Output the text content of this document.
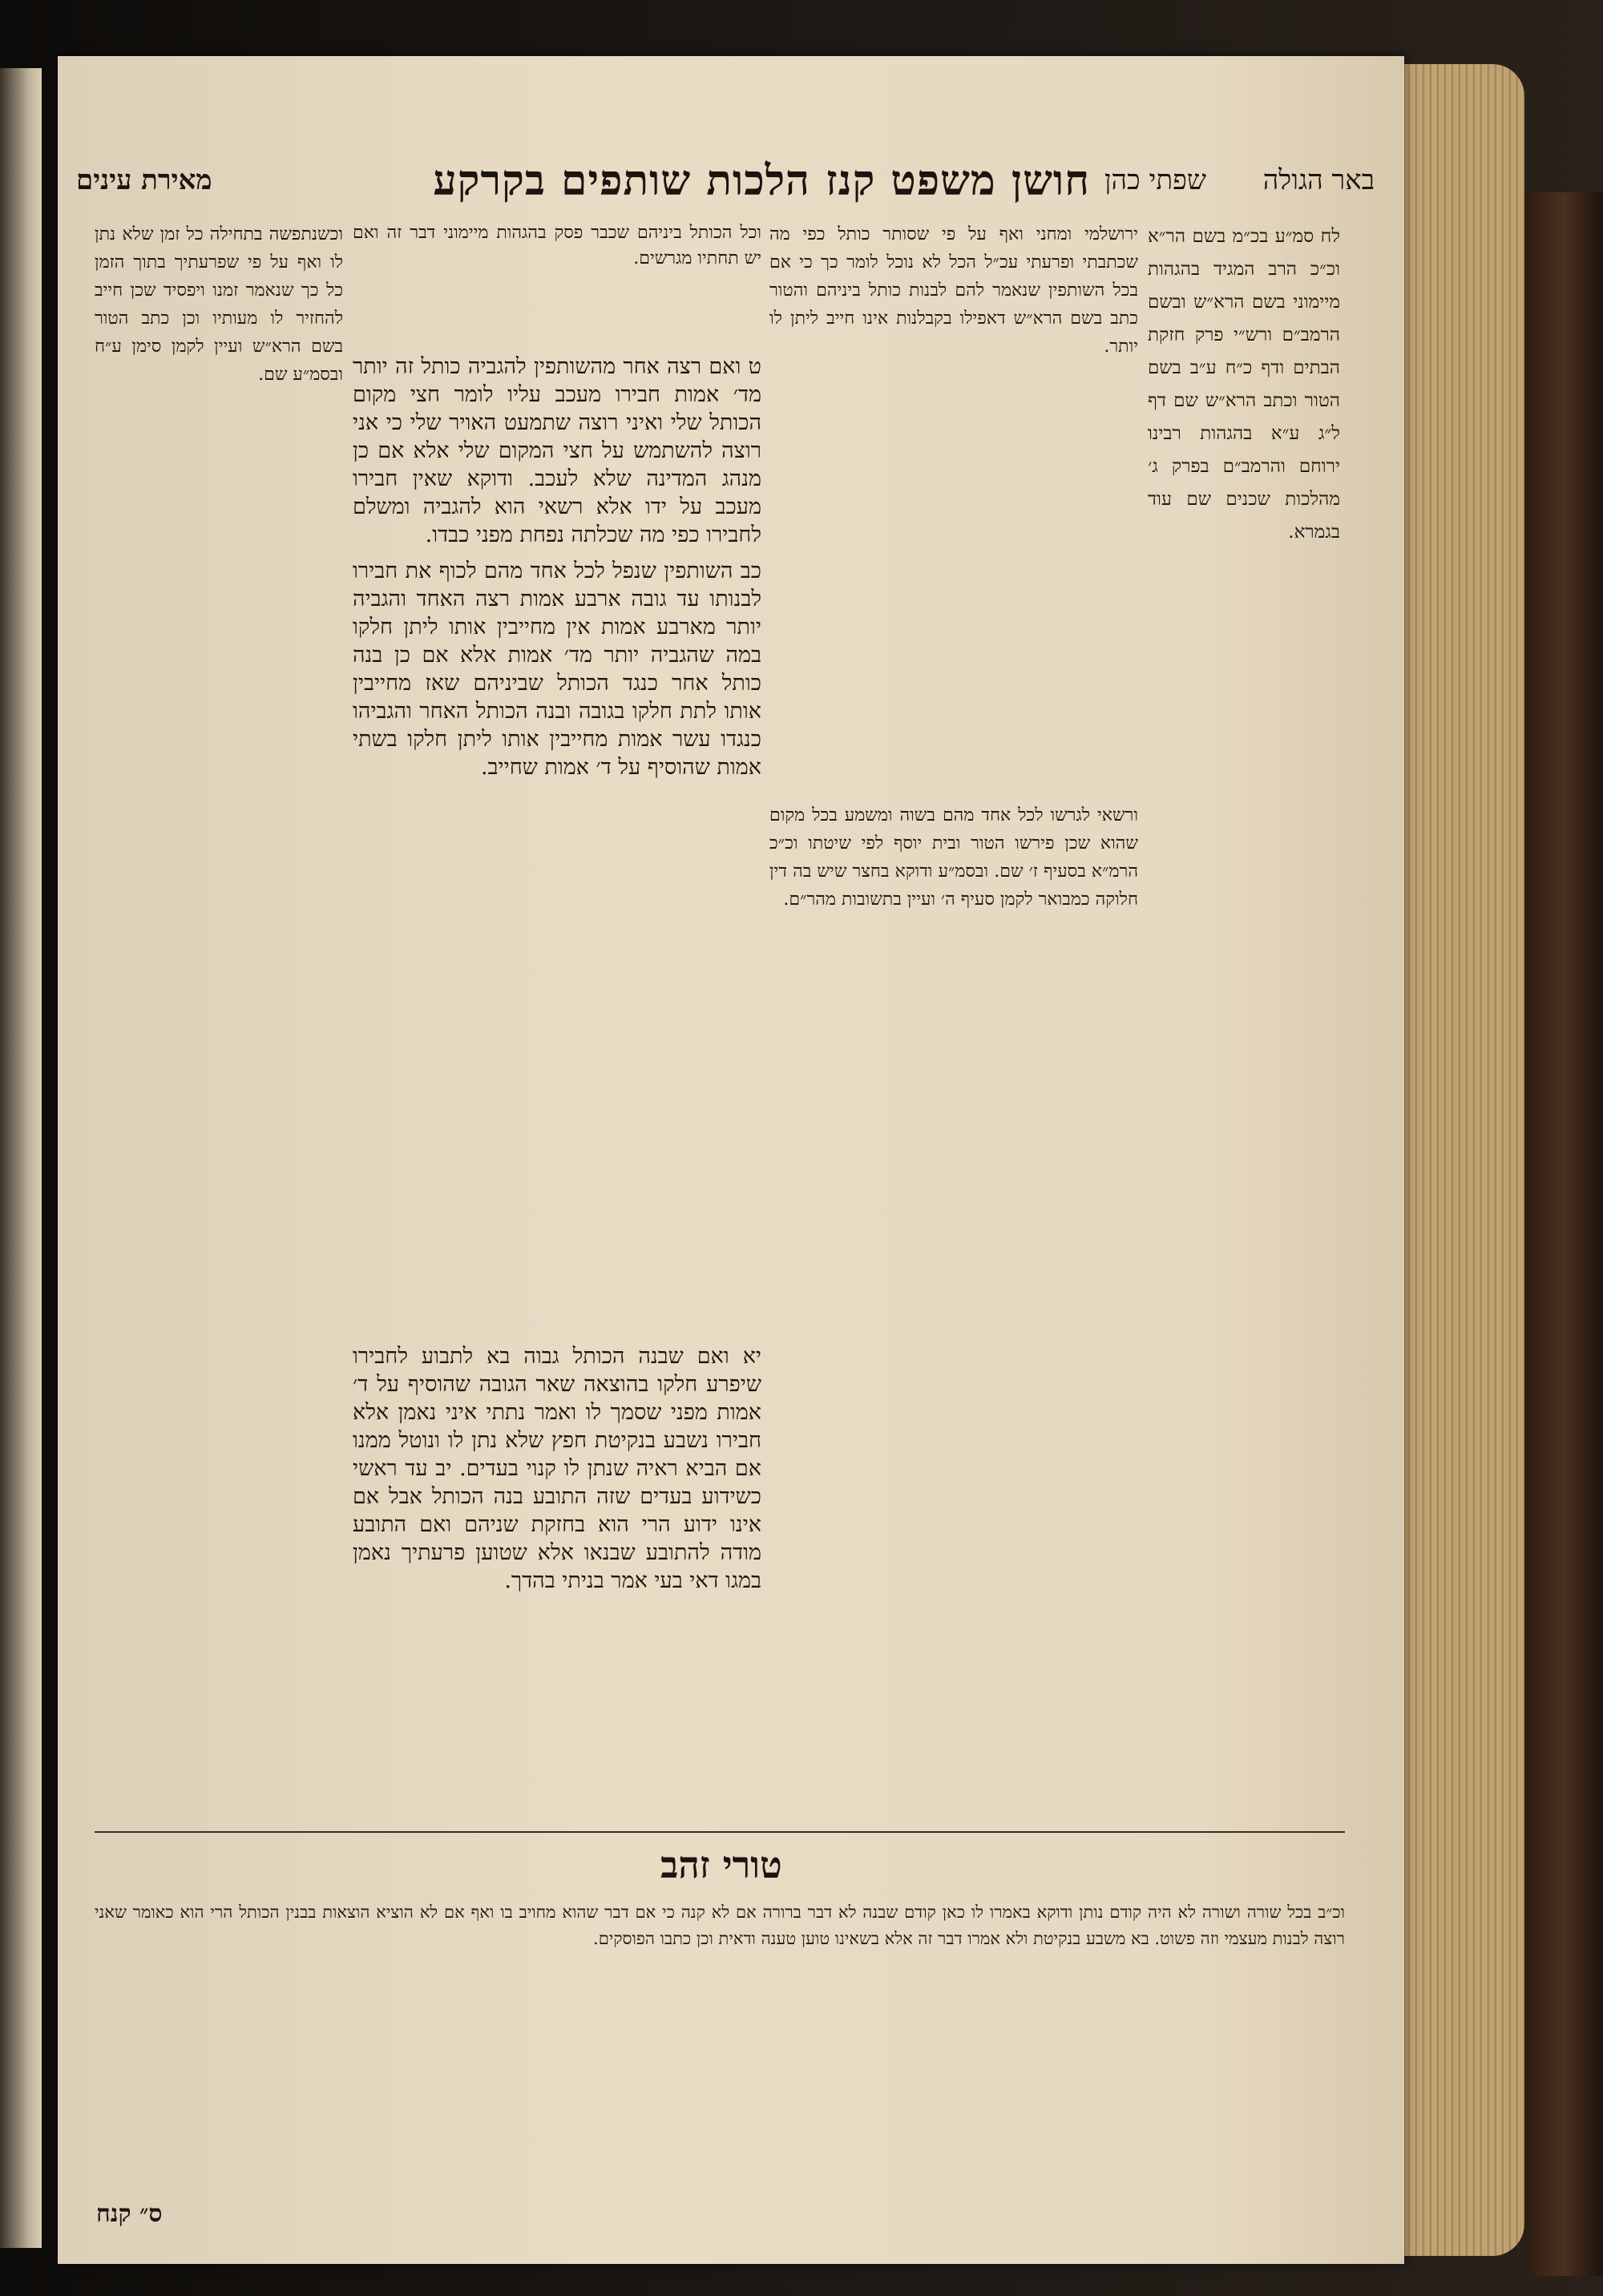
באר הגולה
שפתי כהן
חושן משפט קנז הלכות שותפים בקרקע
מאירת עינים
לח סמ״ע בכ״מ בשם הר״א וכ״כ הרב המגיד בהגהות מיימוני בשם הרא״ש ובשם הרמב״ם ורש״י פרק חזקת הבתים ודף כ״ח ע״ב בשם הטור וכתב הרא״ש שם דף ל״ג ע״א בהגהות רבינו ירוחם והרמב״ם בפרק ג׳ מהלכות שכנים שם עוד בגמרא.
ירושלמי ומחני ואף על פי שסותר כותל כפי מה שכתבתי ופרעתי עכ״ל הכל לא נוכל לומר כך כי אם בכל השותפין שנאמר להם לבנות כותל ביניהם והטור כתב בשם הרא״ש דאפילו בקבלנות אינו חייב ליתן לו יותר.
ורשאי לגרשו לכל אחד מהם בשוה ומשמע בכל מקום שהוא שכן פירשו הטור ובית יוסף לפי שיטתו וכ״כ הרמ״א בסעיף ז׳ שם. ובסמ״ע ודוקא בחצר שיש בה דין חלוקה כמבואר לקמן סעיף ה׳ ועיין בתשובות מהר״ם.
וכל הכותל ביניהם שכבר פסק בהגהות מיימוני דבר זה ואם יש תחתיו מגרשים.

ט ואם רצה אחר מהשותפין להגביה כותל זה יותר מד׳ אמות חבירו מעכב עליו לומר חצי מקום הכותל שלי ואיני רוצה שתמעט האויר שלי כי אני רוצה להשתמש על חצי המקום שלי אלא אם כן מנהג המדינה שלא לעכב. ודוקא שאין חבירו מעכב על ידו אלא רשאי הוא להגביה ומשלם לחבירו כפי מה שכלתה נפחת מפני כבדו.

כב השותפין שנפל לכל אחד מהם לכוף את חבירו לבנותו עד גובה ארבע אמות רצה האחד והגביה יותר מארבע אמות אין מחייבין אותו ליתן חלקו במה שהגביה יותר מד׳ אמות אלא אם כן בנה כותל אחר כנגד הכותל שביניהם שאז מחייבין אותו לתת חלקו בגובה ובנה הכותל האחר והגביהו כנגדו עשר אמות מחייבין אותו ליתן חלקו בשתי אמות שהוסיף על ד׳ אמות שחייב.

יא ואם שבנה הכותל גבוה בא לתבוע לחבירו שיפרע חלקו בהוצאה שאר הגובה שהוסיף על ד׳ אמות מפני שסמך לו ואמר נתתי איני נאמן אלא חבירו נשבע בנקיטת חפץ שלא נתן לו ונוטל ממנו אם הביא ראיה שנתן לו קנוי בעדים. יב עד ראשי כשידוע בעדים שזה התובע בנה הכותל אבל אם אינו ידוע הרי הוא בחזקת שניהם ואם התובע מודה להתובע שבנאו אלא שטוען פרעתיך נאמן במגו דאי בעי אמר בניתי בהדך.
וכשנתפשה בתחילה כל זמן שלא נתן לו ואף על פי שפרעתיך בתוך הזמן כל כך שנאמר זמנו ויפסיד שכן חייב להחזיר לו מעותיו וכן כתב הטור בשם הרא״ש ועיין לקמן סימן ע״ח ובסמ״ע שם.
טורי זהב
וכ״ב בכל שורה ושורה לא היה קודם נותן ודוקא באמרו לו כאן קודם שבנה לא דבר ברורה אם לא קנה כי אם דבר שהוא מחויב בו ואף אם לא הוציא הוצאות בבנין הכותל הרי הוא כאומר שאני רוצה לבנות מעצמי וזה פשוט. בא משבע בנקיטת ולא אמרו דבר זה אלא בשאינו טוען טענה ודאית וכן כתבו הפוסקים.
ס״ קנח
